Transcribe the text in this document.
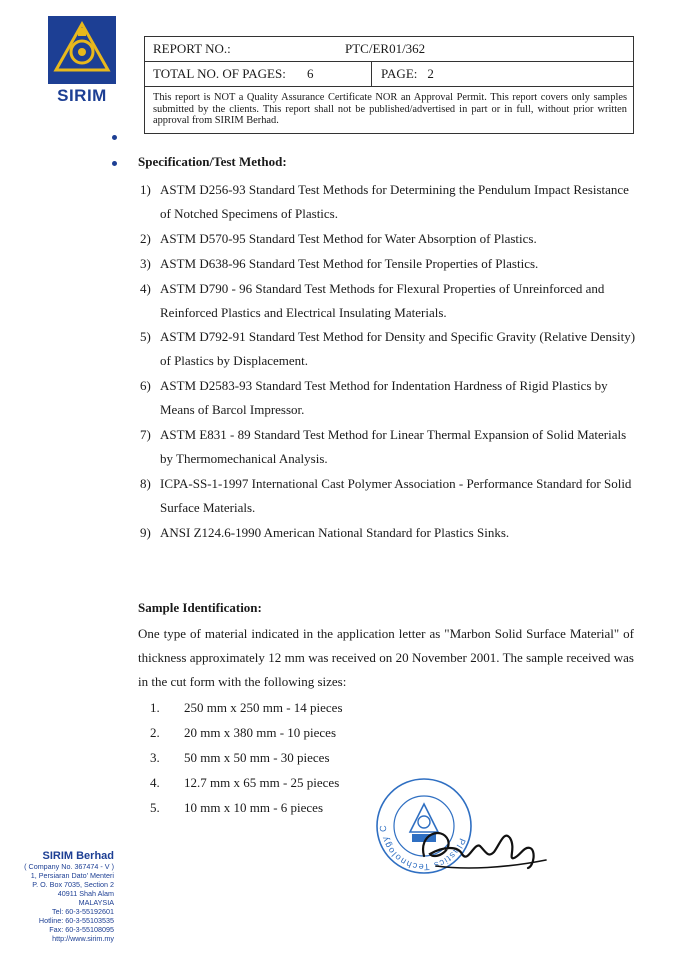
SIRIM
REPORT NO.:	PTC/ER01/362
TOTAL NO. OF PAGES: 6	PAGE: 2
This report is NOT a Quality Assurance Certificate NOR an Approval Permit. This report covers only samples submitted by the clients. This report shall not be published/advertised in part or in full, without prior written approval from SIRIM Berhad.
Specification/Test Method:
1) ASTM D256-93 Standard Test Methods for Determining the Pendulum Impact Resistance of Notched Specimens of Plastics.
2) ASTM D570-95 Standard Test Method for Water Absorption of Plastics.
3) ASTM D638-96 Standard Test Method for Tensile Properties of Plastics.
4) ASTM D790 - 96 Standard Test Methods for Flexural Properties of Unreinforced and Reinforced Plastics and Electrical Insulating Materials.
5) ASTM D792-91 Standard Test Method for Density and Specific Gravity (Relative Density) of Plastics by Displacement.
6) ASTM D2583-93 Standard Test Method for Indentation Hardness of Rigid Plastics by Means of Barcol Impressor.
7) ASTM E831 - 89 Standard Test Method for Linear Thermal Expansion of Solid Materials by Thermomechanical Analysis.
8) ICPA-SS-1-1997 International Cast Polymer Association - Performance Standard for Solid Surface Materials.
9) ANSI Z124.6-1990 American National Standard for Plastics Sinks.
Sample Identification:
One type of material indicated in the application letter as "Marbon Solid Surface Material" of thickness approximately 12 mm was received on 20 November 2001. The sample received was in the cut form with the following sizes:
1. 250 mm x 250 mm - 14 pieces
2. 20 mm x 380 mm - 10 pieces
3. 50 mm x 50 mm - 30 pieces
4. 12.7 mm x 65 mm - 25 pieces
5. 10 mm x 10 mm - 6 pieces
Plastics Technology C
SIRIM Berhad
( Company No. 367474 - V )
1, Persiaran Dato' Menteri
P. O. Box 7035, Section 2
40911 Shah Alam
MALAYSIA
Tel: 60-3-55192601
Hotline: 60-3-55103535
Fax: 60-3-55108095
http://www.sirim.my
